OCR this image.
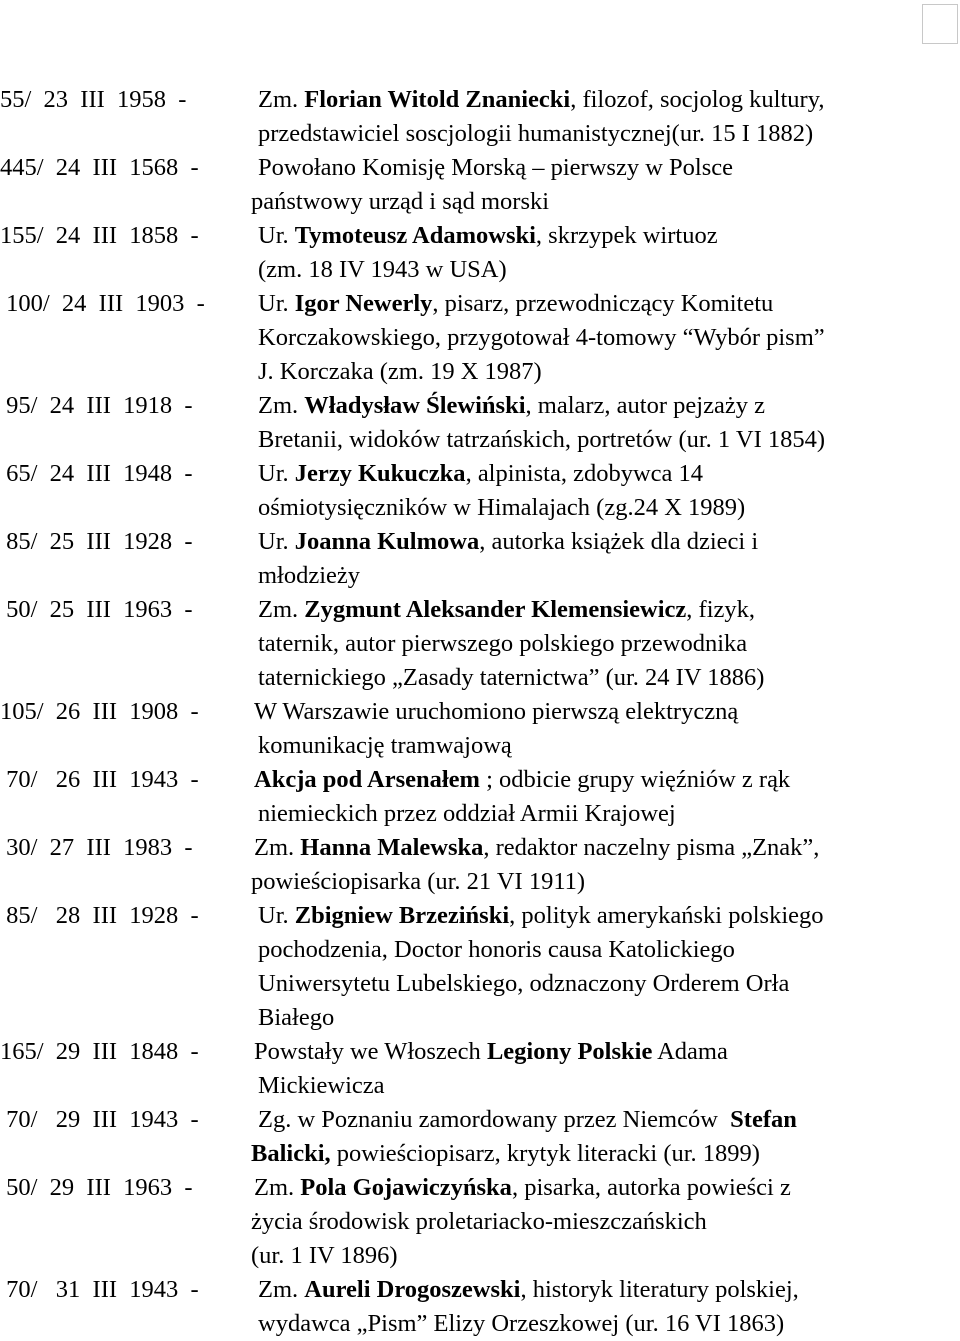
55/  23  III  1958  - Zm. Florian Witold Znaniecki, filozof, socjolog kultury,
przedstawiciel soscjologii humanistycznej(ur. 15 I 1882)
445/  24  III  1568  - Powołano Komisję Morską – pierwszy w Polsce
państwowy urząd i sąd morski
155/  24  III  1858  - Ur. Tymoteusz Adamowski, skrzypek wirtuoz
(zm. 18 IV 1943 w USA)
100/  24  III  1903  - Ur. Igor Newerly, pisarz, przewodniczący Komitetu
Korczakowskiego, przygotował 4-tomowy “Wybór pism”
J. Korczaka (zm. 19 X 1987)
95/  24  III  1918  - Zm. Władysław Ślewiński, malarz, autor pejzaży z
Bretanii, widoków tatrzańskich, portretów (ur. 1 VI 1854)
65/  24  III  1948  - Ur. Jerzy Kukuczka, alpinista, zdobywca 14
ośmiotysięczników w Himalajach (zg.24 X 1989)
85/  25  III  1928  - Ur. Joanna Kulmowa, autorka książek dla dzieci i
młodzieży
50/  25  III  1963  - Zm. Zygmunt Aleksander Klemensiewicz, fizyk,
taternik, autor pierwszego polskiego przewodnika
taternickiego „Zasady taternictwa” (ur. 24 IV 1886)
105/  26  III  1908  - W Warszawie uruchomiono pierwszą elektryczną
komunikację tramwajową
70/   26  III  1943  - Akcja pod Arsenałem ; odbicie grupy więźniów z rąk
niemieckich przez oddział Armii Krajowej
30/  27  III  1983  - Zm. Hanna Malewska, redaktor naczelny pisma „Znak”,
powieściopisarka (ur. 21 VI 1911)
85/   28  III  1928  - Ur. Zbigniew Brzeziński, polityk amerykański polskiego
pochodzenia, Doctor honoris causa Katolickiego
Uniwersytetu Lubelskiego, odznaczony Orderem Orła
Białego
165/  29  III  1848  - Powstały we Włoszech Legiony Polskie Adama
Mickiewicza
70/   29  III  1943  - Zg. w Poznaniu zamordowany przez Niemców  Stefan
Balicki, powieściopisarz, krytyk literacki (ur. 1899)
50/  29  III  1963  - Zm. Pola Gojawiczyńska, pisarka, autorka powieści z
życia środowisk proletariacko-mieszczańskich
(ur. 1 IV 1896)
70/   31  III  1943  - Zm. Aureli Drogoszewski, historyk literatury polskiej,
wydawca „Pism” Elizy Orzeszkowej (ur. 16 VI 1863)
